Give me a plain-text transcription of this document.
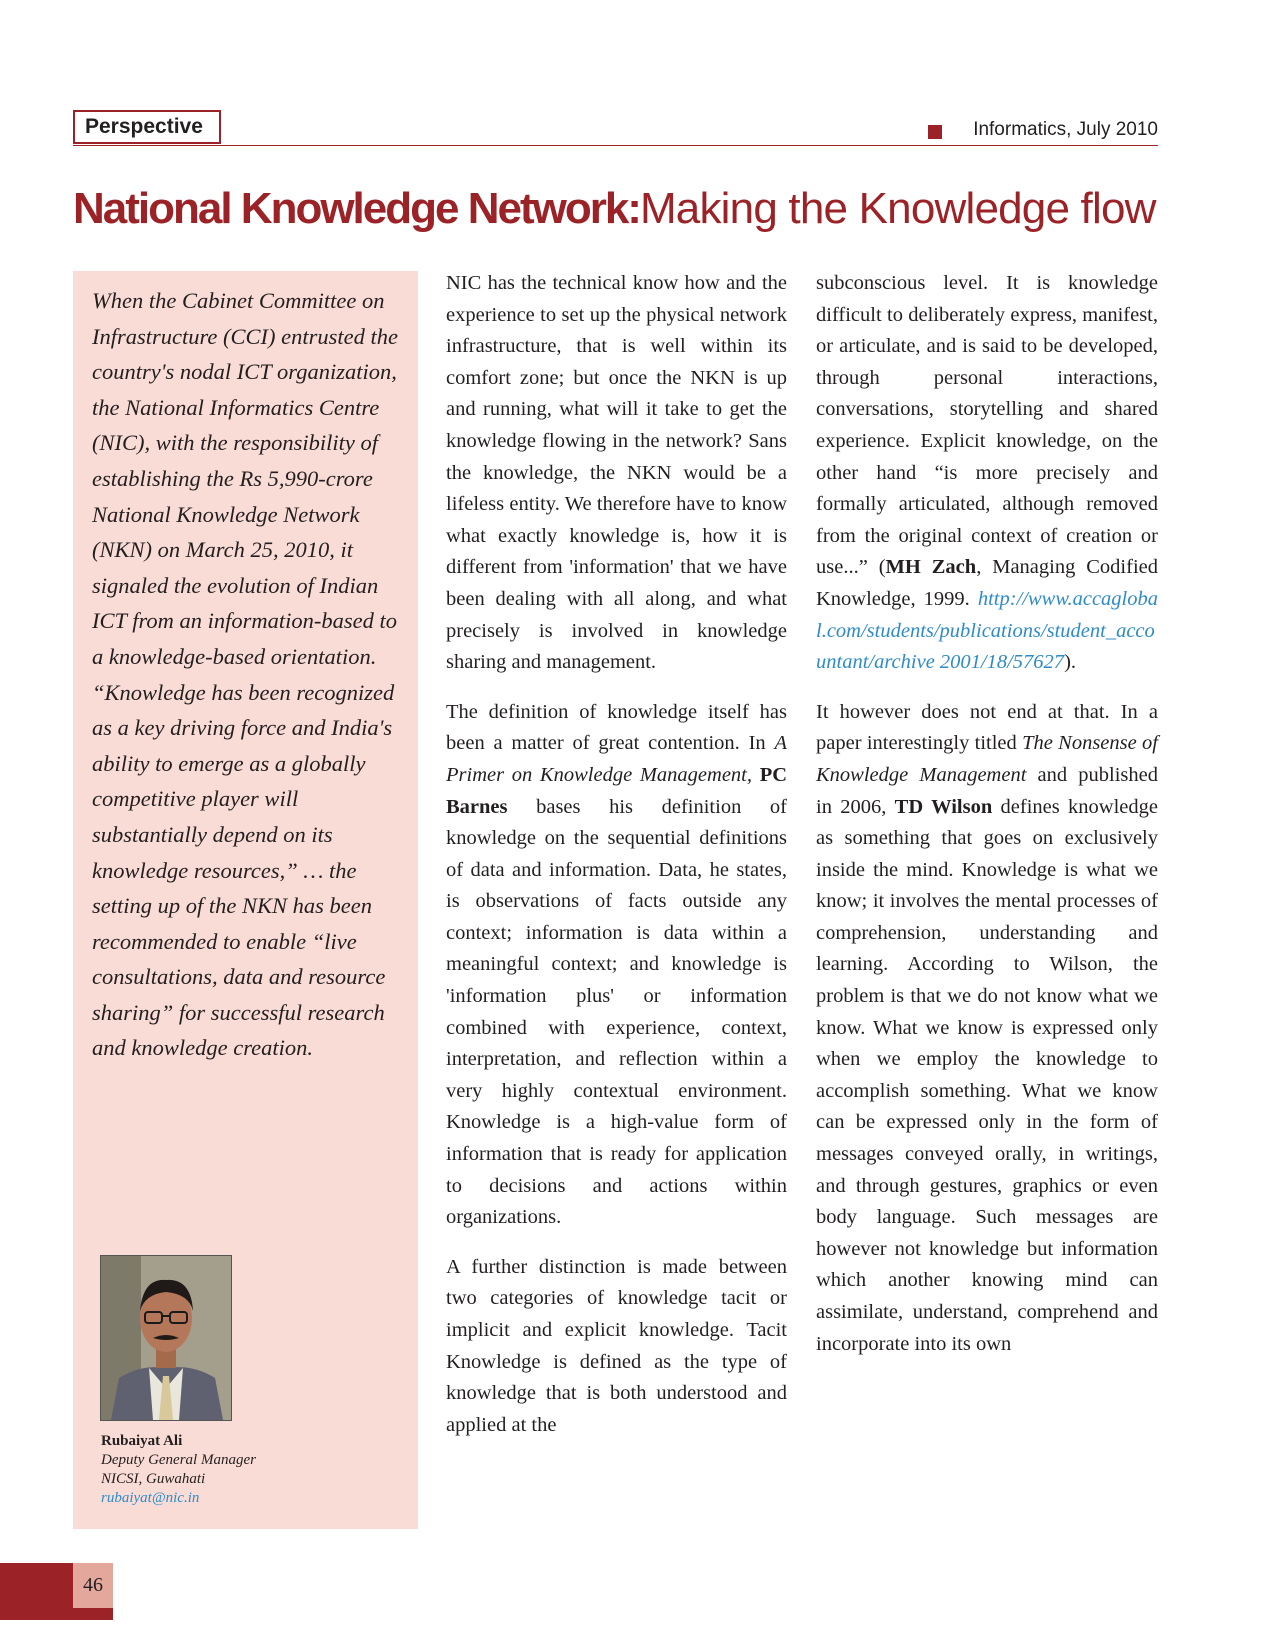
Perspective	Informatics, July 2010
National Knowledge Network:Making the Knowledge flow
When the Cabinet Committee on Infrastructure (CCI) entrusted the country's nodal ICT organization, the National Informatics Centre (NIC), with the responsibility of establishing the Rs 5,990-crore National Knowledge Network (NKN) on March 25, 2010, it signaled the evolution of Indian ICT from an information-based to a knowledge-based orientation. “Knowledge has been recognized as a key driving force and India's ability to emerge as a globally competitive player will substantially depend on its knowledge resources,” … the setting up of the NKN has been recommended to enable “live consultations, data and resource sharing” for successful research and knowledge creation.
Rubaiyat Ali
Deputy General Manager
NICSI, Guwahati
rubaiyat@nic.in

NIC has the technical know how and the experience to set up the physical network infrastructure, that is well within its comfort zone; but once the NKN is up and running, what will it take to get the knowledge flowing in the network? Sans the knowledge, the NKN would be a lifeless entity. We therefore have to know what exactly knowledge is, how it is different from 'information' that we have been dealing with all along, and what precisely is involved in knowledge sharing and management.

The definition of knowledge itself has been a matter of great contention. In A Primer on Knowledge Management, PC Barnes bases his definition of knowledge on the sequential definitions of data and information. Data, he states, is observations of facts outside any context; information is data within a meaningful context; and knowledge is 'information plus' or information combined with experience, context, interpretation, and reflection within a very highly contextual environment. Knowledge is a high-value form of information that is ready for application to decisions and actions within organizations.

A further distinction is made between two categories of knowledge tacit or implicit and explicit knowledge. Tacit Knowledge is defined as the type of knowledge that is both understood and applied at the

subconscious level. It is knowledge difficult to deliberately express, manifest, or articulate, and is said to be developed, through personal interactions, conversations, storytelling and shared experience. Explicit knowledge, on the other hand “is more precisely and formally articulated, although removed from the original context of creation or use...” (MH Zach, Managing Codified Knowledge, 1999. http://www.accaglobal.com/students/publications/student_accountant/archive 2001/18/57627).

It however does not end at that. In a paper interestingly titled The Nonsense of Knowledge Management and published in 2006, TD Wilson defines knowledge as something that goes on exclusively inside the mind. Knowledge is what we know; it involves the mental processes of comprehension, understanding and learning. According to Wilson, the problem is that we do not know what we know. What we know is expressed only when we employ the knowledge to accomplish something. What we know can be expressed only in the form of messages conveyed orally, in writings, and through gestures, graphics or even body language. Such messages are however not knowledge but information which another knowing mind can assimilate, understand, comprehend and incorporate into its own

46
